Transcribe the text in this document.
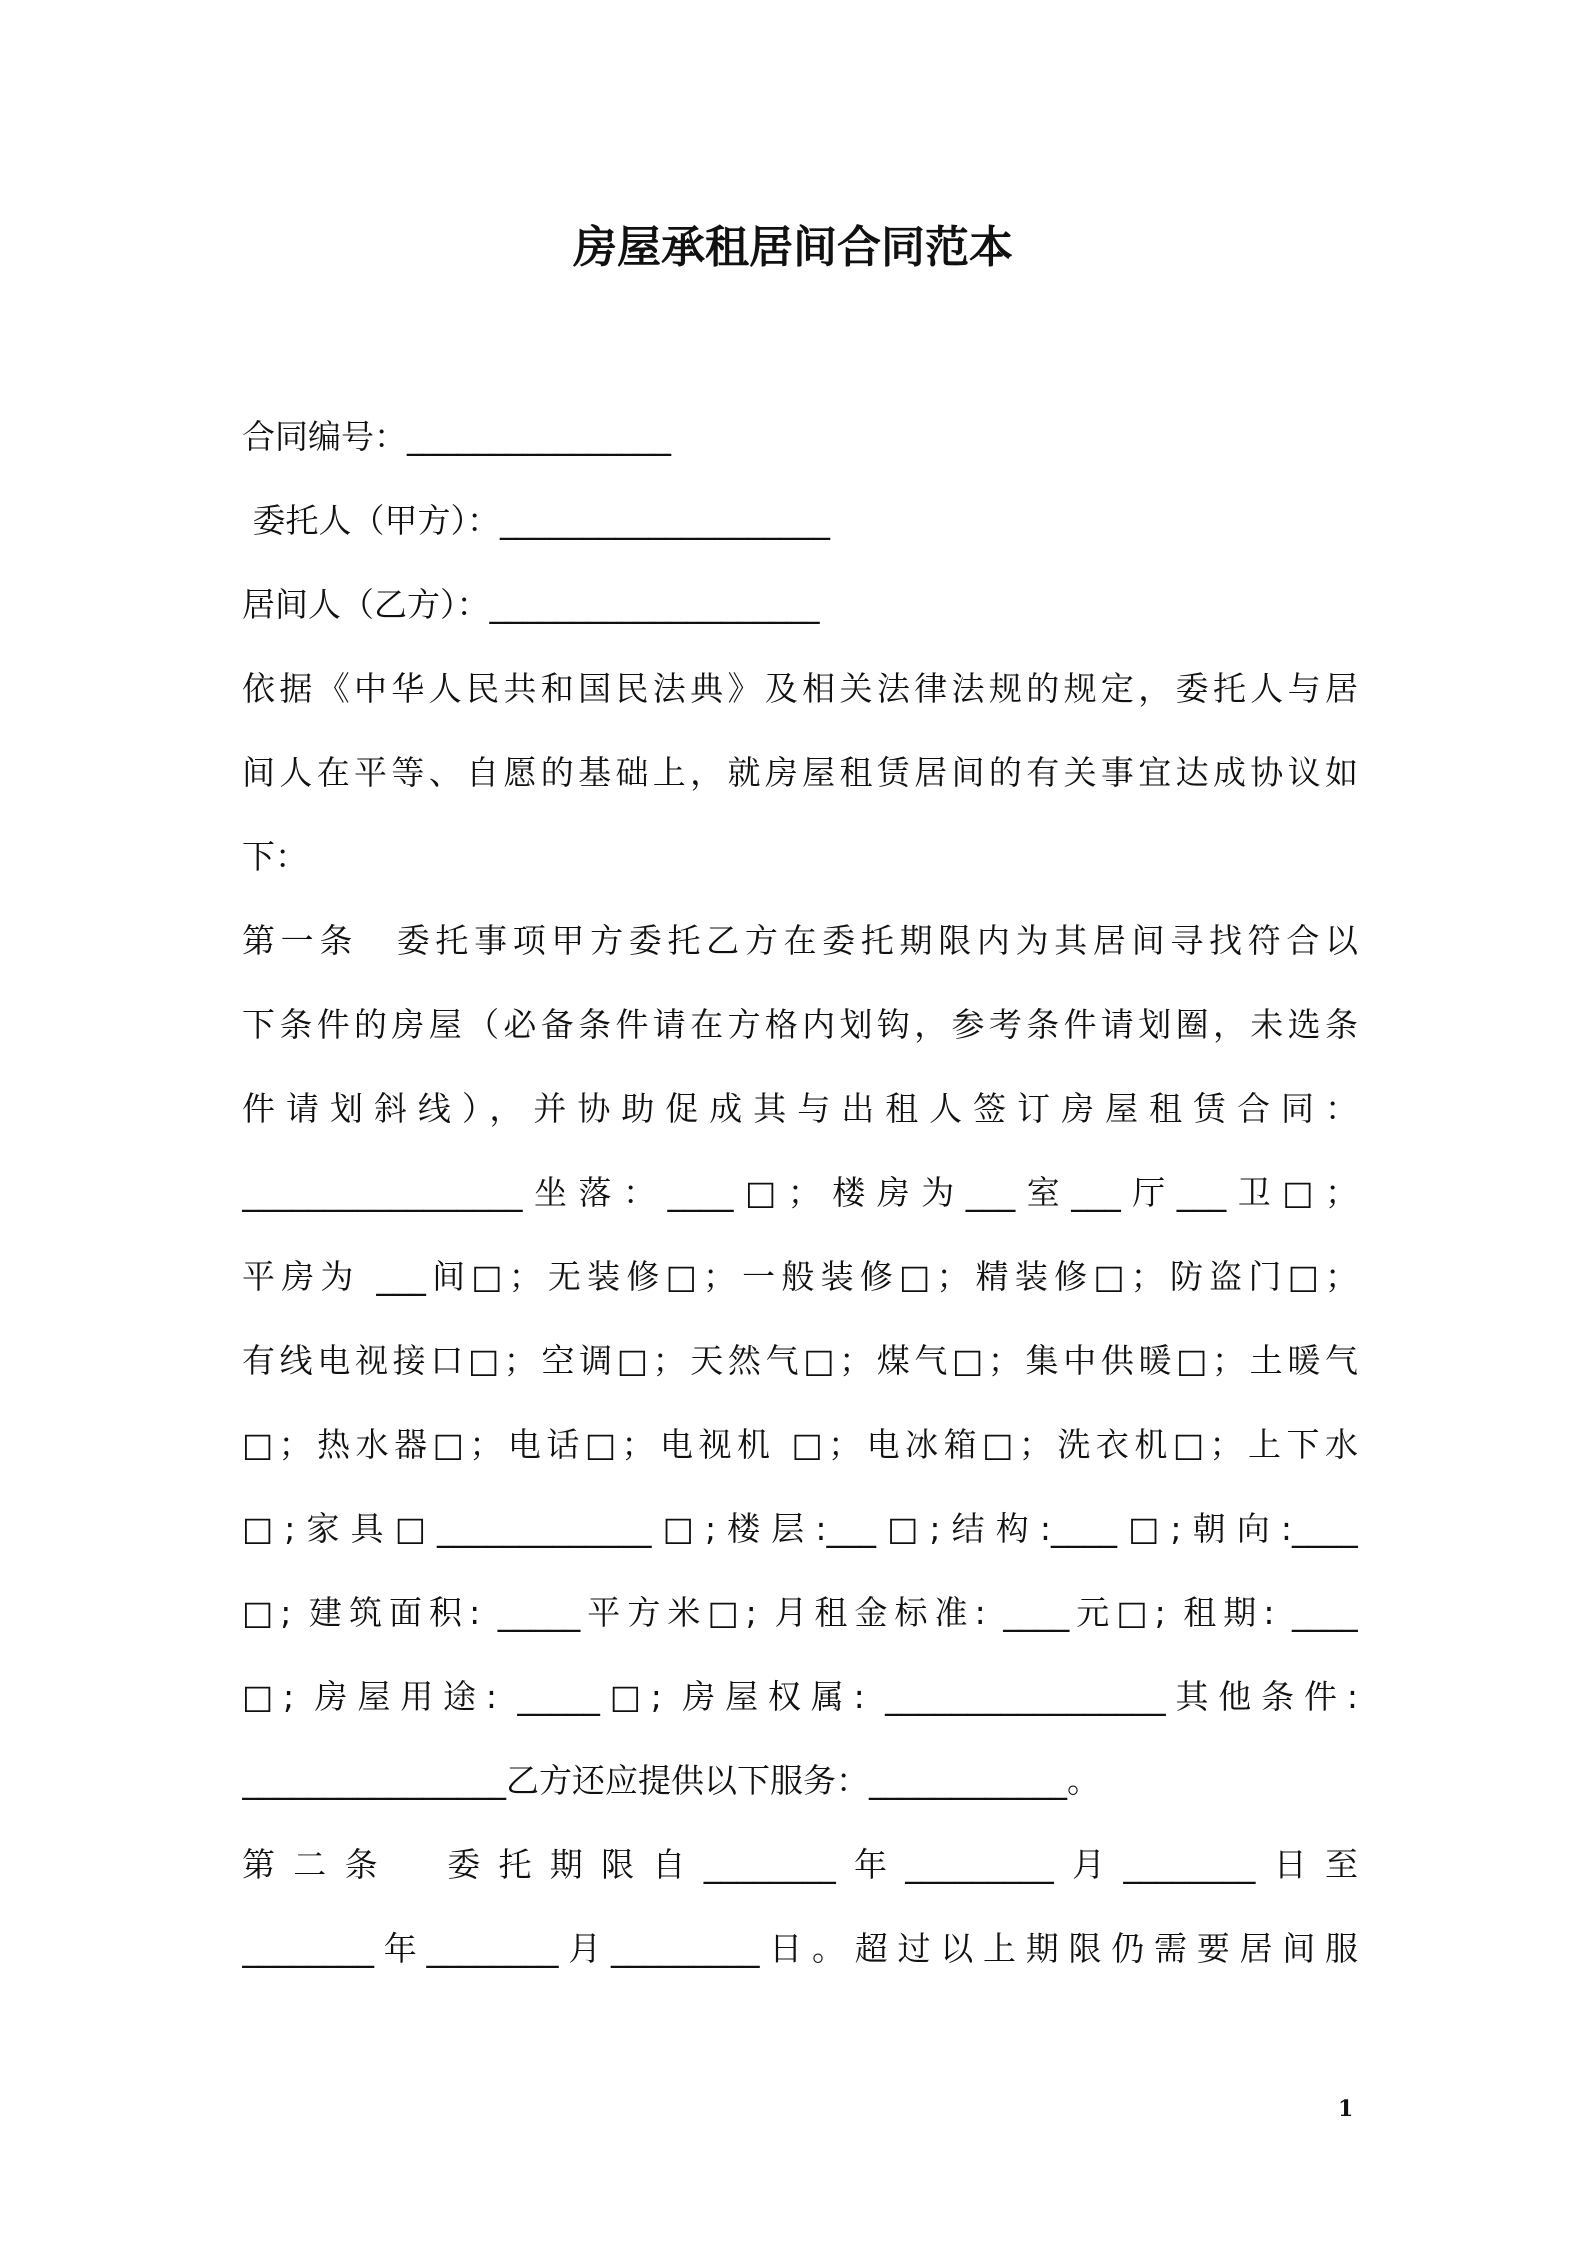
房屋承租居间合同范本
合同编号：________________
委托人（甲方）：____________________
居间人（乙方）：____________________
依据《中华人民共和国民法典》及相关法律法规的规定，委托人与居
间人在平等、自愿的基础上，就房屋租赁居间的有关事宜达成协议如
下：
第一条　委托事项甲方委托乙方在委托期限内为其居间寻找符合以
下条件的房屋（必备条件请在方格内划钩，参考条件请划圈，未选条
件请划斜线），并协助促成其与出租人签订房屋租赁合同：
_________________坐落：____□；楼房为___室___厅___卫□；
平房为 ___间□；无装修□；一般装修□；精装修□；防盗门□；
有线电视接口□；空调□；天然气□；煤气□；集中供暖□；土暖气
□；热水器□；电话□；电视机 □；电冰箱□；洗衣机□；上下水
□;家具□_____________□;楼层:___□;结构:____□;朝向:____
□; 建筑面积: _____平方米□; 月租金标准: ____元□; 租期: ____
□; 房屋用途: _____□; 房屋权属: _________________其他条件:
________________乙方还应提供以下服务：____________。
第二条　委托期限自________年_________月________日至
________年________月_________日。超过以上期限仍需要居间服
1
